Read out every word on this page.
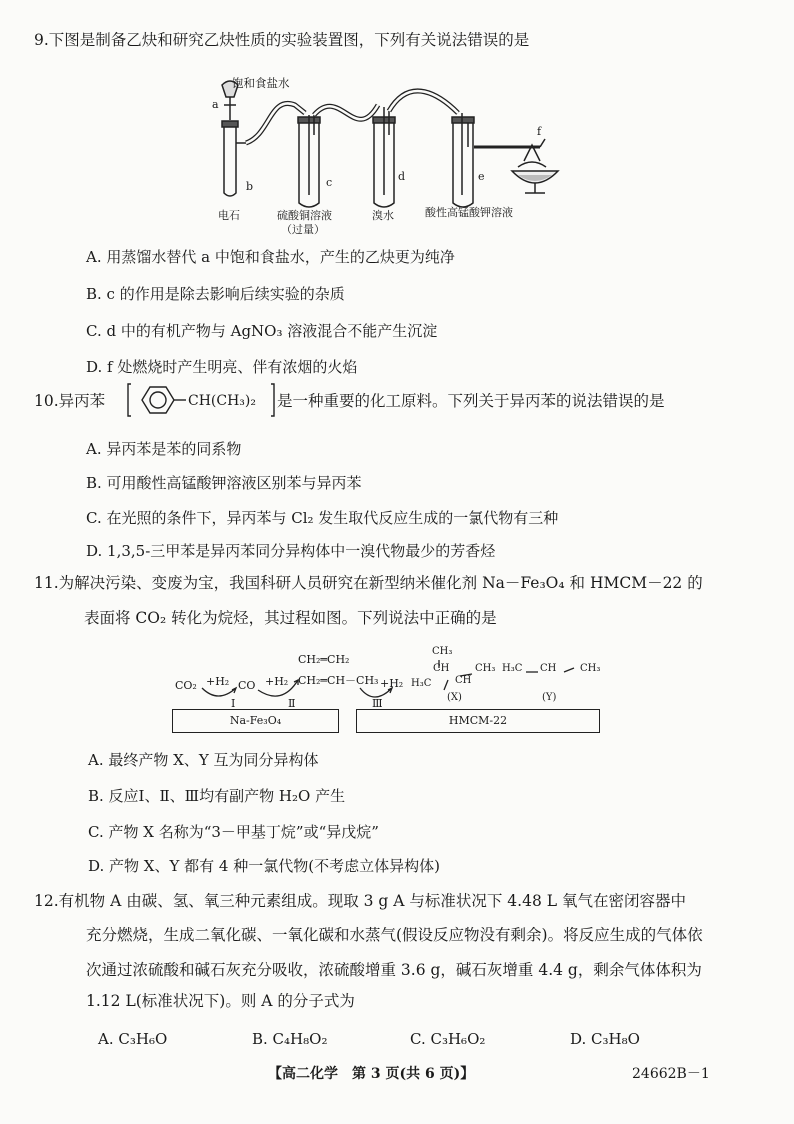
9.下图是制备乙炔和研究乙炔性质的实验装置图，下列有关说法错误的是
饱和食盐水
a
b	c	d	e
f
电石	硫酸铜溶液
（过量）
溴水	酸性高锰酸钾溶液
A. 用蒸馏水替代 a 中饱和食盐水，产生的乙炔更为纯净
B. c 的作用是除去影响后续实验的杂质
C. d 中的有机产物与 AgNO₃ 溶液混合不能产生沉淀
D. f 处燃烧时产生明亮、伴有浓烟的火焰
10.异丙苯	CH(CH₃)₂ 是一种重要的化工原料。下列关于异丙苯的说法错误的是
A. 异丙苯是苯的同系物
B. 可用酸性高锰酸钾溶液区别苯与异丙苯
C. 在光照的条件下，异丙苯与 Cl₂ 发生取代反应生成的一氯代物有三种
D. 1,3,5-三甲苯是异丙苯同分异构体中一溴代物最少的芳香烃
11.为解决污染、变废为宝，我国科研人员研究在新型纳米催化剂 Na－Fe₃O₄ 和 HMCM－22 的
表面将 CO₂ 转化为烷烃，其过程如图。下列说法中正确的是
CO₂ +H₂ CO +H₂
Ⅰ	Ⅱ	Ⅲ
CH₂═CH₂
CH₂═CH－CH₃ +H₂
CH₃
CH	CH₃
H₃C CH
(X)
H₃C CH CH₃
(Y)
Na-Fe₃O₄	HMCM-22
A. 最终产物 X、Y 互为同分异构体
B. 反应Ⅰ、Ⅱ、Ⅲ均有副产物 H₂O 产生
C. 产物 X 名称为“3－甲基丁烷”或“异戊烷”
D. 产物 X、Y 都有 4 种一氯代物(不考虑立体异构体)
12.有机物 A 由碳、氢、氧三种元素组成。现取 3 g A 与标准状况下 4.48 L 氧气在密闭容器中
充分燃烧，生成二氧化碳、一氧化碳和水蒸气(假设反应物没有剩余)。将反应生成的气体依
次通过浓硫酸和碱石灰充分吸收，浓硫酸增重 3.6 g，碱石灰增重 4.4 g，剩余气体体积为
1.12 L(标准状况下)。则 A 的分子式为
A. C₃H₆O	B. C₄H₈O₂	C. C₃H₆O₂	D. C₃H₈O
【高二化学　第 3 页(共 6 页)】	24662B－1
